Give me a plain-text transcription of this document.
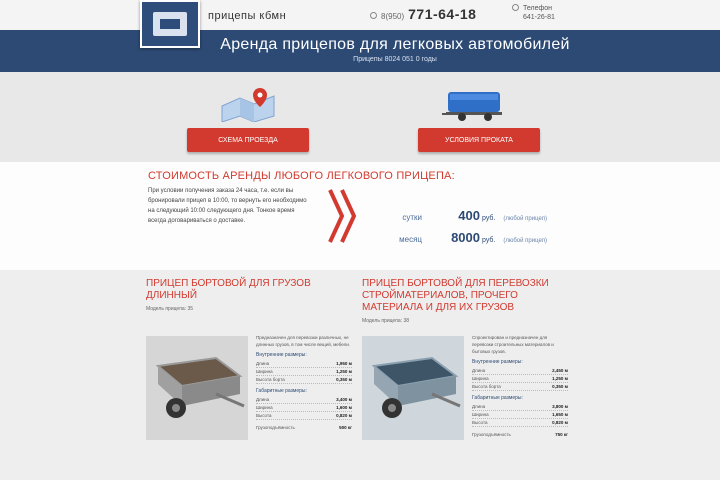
прицепы кбмн	8(950) 771-64-18	Телефон
641-26-81
Аренда прицепов для легковых автомобилей

Прицепы 8024 051 0 годы

СХЕМА ПРОЕЗДА	УСЛОВИЯ ПРОКАТА
СТОИМОСТЬ АРЕНДЫ ЛЮБОГО ЛЕГКОВОГО ПРИЦЕПА:
При условии получения заказа 24 часа, т.е. если вы бронировали прицеп в 10:00, то вернуть его необходимо на следующий 10:00 следующего дня. Тонкое время всегда договариваться о доставке.	сутки	400 руб. (любой прицеп)
месяц	8000 руб. (любой прицеп)
ПРИЦЕП БОРТОВОЙ ДЛЯ ГРУЗОВ ДЛИННЫЙ
Модель прицепа: 35
Предназначен для перевозки различных, не длинных грузов, в том числе вещей, мебели.
Внутренние размеры:
Длина	1,950 м
Ширина	1,250 м
Высота борта	0,350 м
Габаритные размеры:
Длина	3,400 м
Ширина	1,600 м
Высота	0,820 м
Грузоподъёмность	500 кг
ПРИЦЕП БОРТОВОЙ ДЛЯ ПЕРЕВОЗКИ СТРОЙМАТЕРИАЛОВ, ПРОЧЕГО МАТЕРИАЛА И ДЛЯ ИХ ГРУЗОВ
Модель прицепа: 38
Спроектирован и предназначен для перевозки строительных материалов и бытовых грузов.
Внутренние размеры:
Длина	2,450 м
Ширина	1,250 м
Высота борта	0,350 м
Габаритные размеры:
Длина	3,800 м
Ширина	1,650 м
Высота	0,820 м
Грузоподъёмность	750 кг
